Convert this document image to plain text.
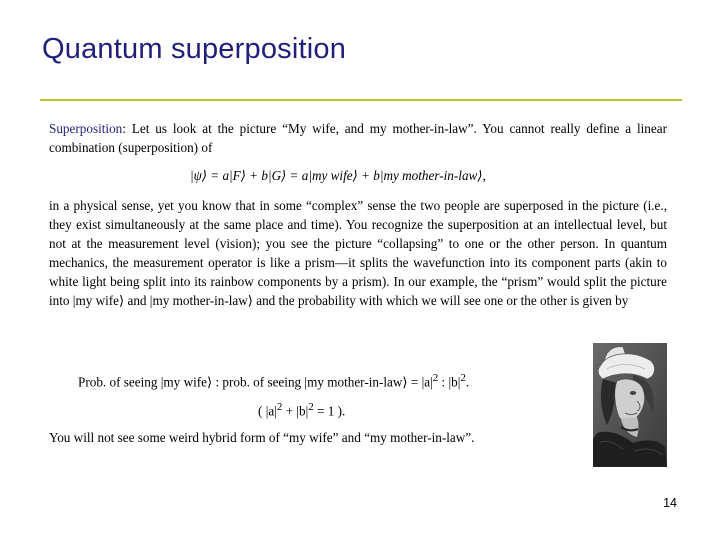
Quantum superposition
Superposition: Let us look at the picture “My wife, and my mother-in-law”. You cannot really define a linear combination (superposition) of
|ψ⟩ = a|F⟩ + b|G⟩ = a|my wife⟩ + b|my mother-in-law⟩,
in a physical sense, yet you know that in some “complex” sense the two people are superposed in the picture (i.e., they exist simultaneously at the same place and time). You recognize the superposition at an intellectual level, but not at the measurement level (vision); you see the picture “collapsing” to one or the other person. In quantum mechanics, the measurement operator is like a prism—it splits the wavefunction into its component parts (akin to white light being split into its rainbow components by a prism). In our example, the “prism” would split the picture into |my wife⟩ and |my mother-in-law⟩ and the probability with which we will see one or the other is given by
Prob. of seeing |my wife⟩ : prob. of seeing |my mother-in-law⟩ = $|a|^2$ : $|b|^2$.
( $|a|^2 + |b|^2 = 1$ ).
You will not see some weird hybrid form of “my wife” and “my mother-in-law”.
14
